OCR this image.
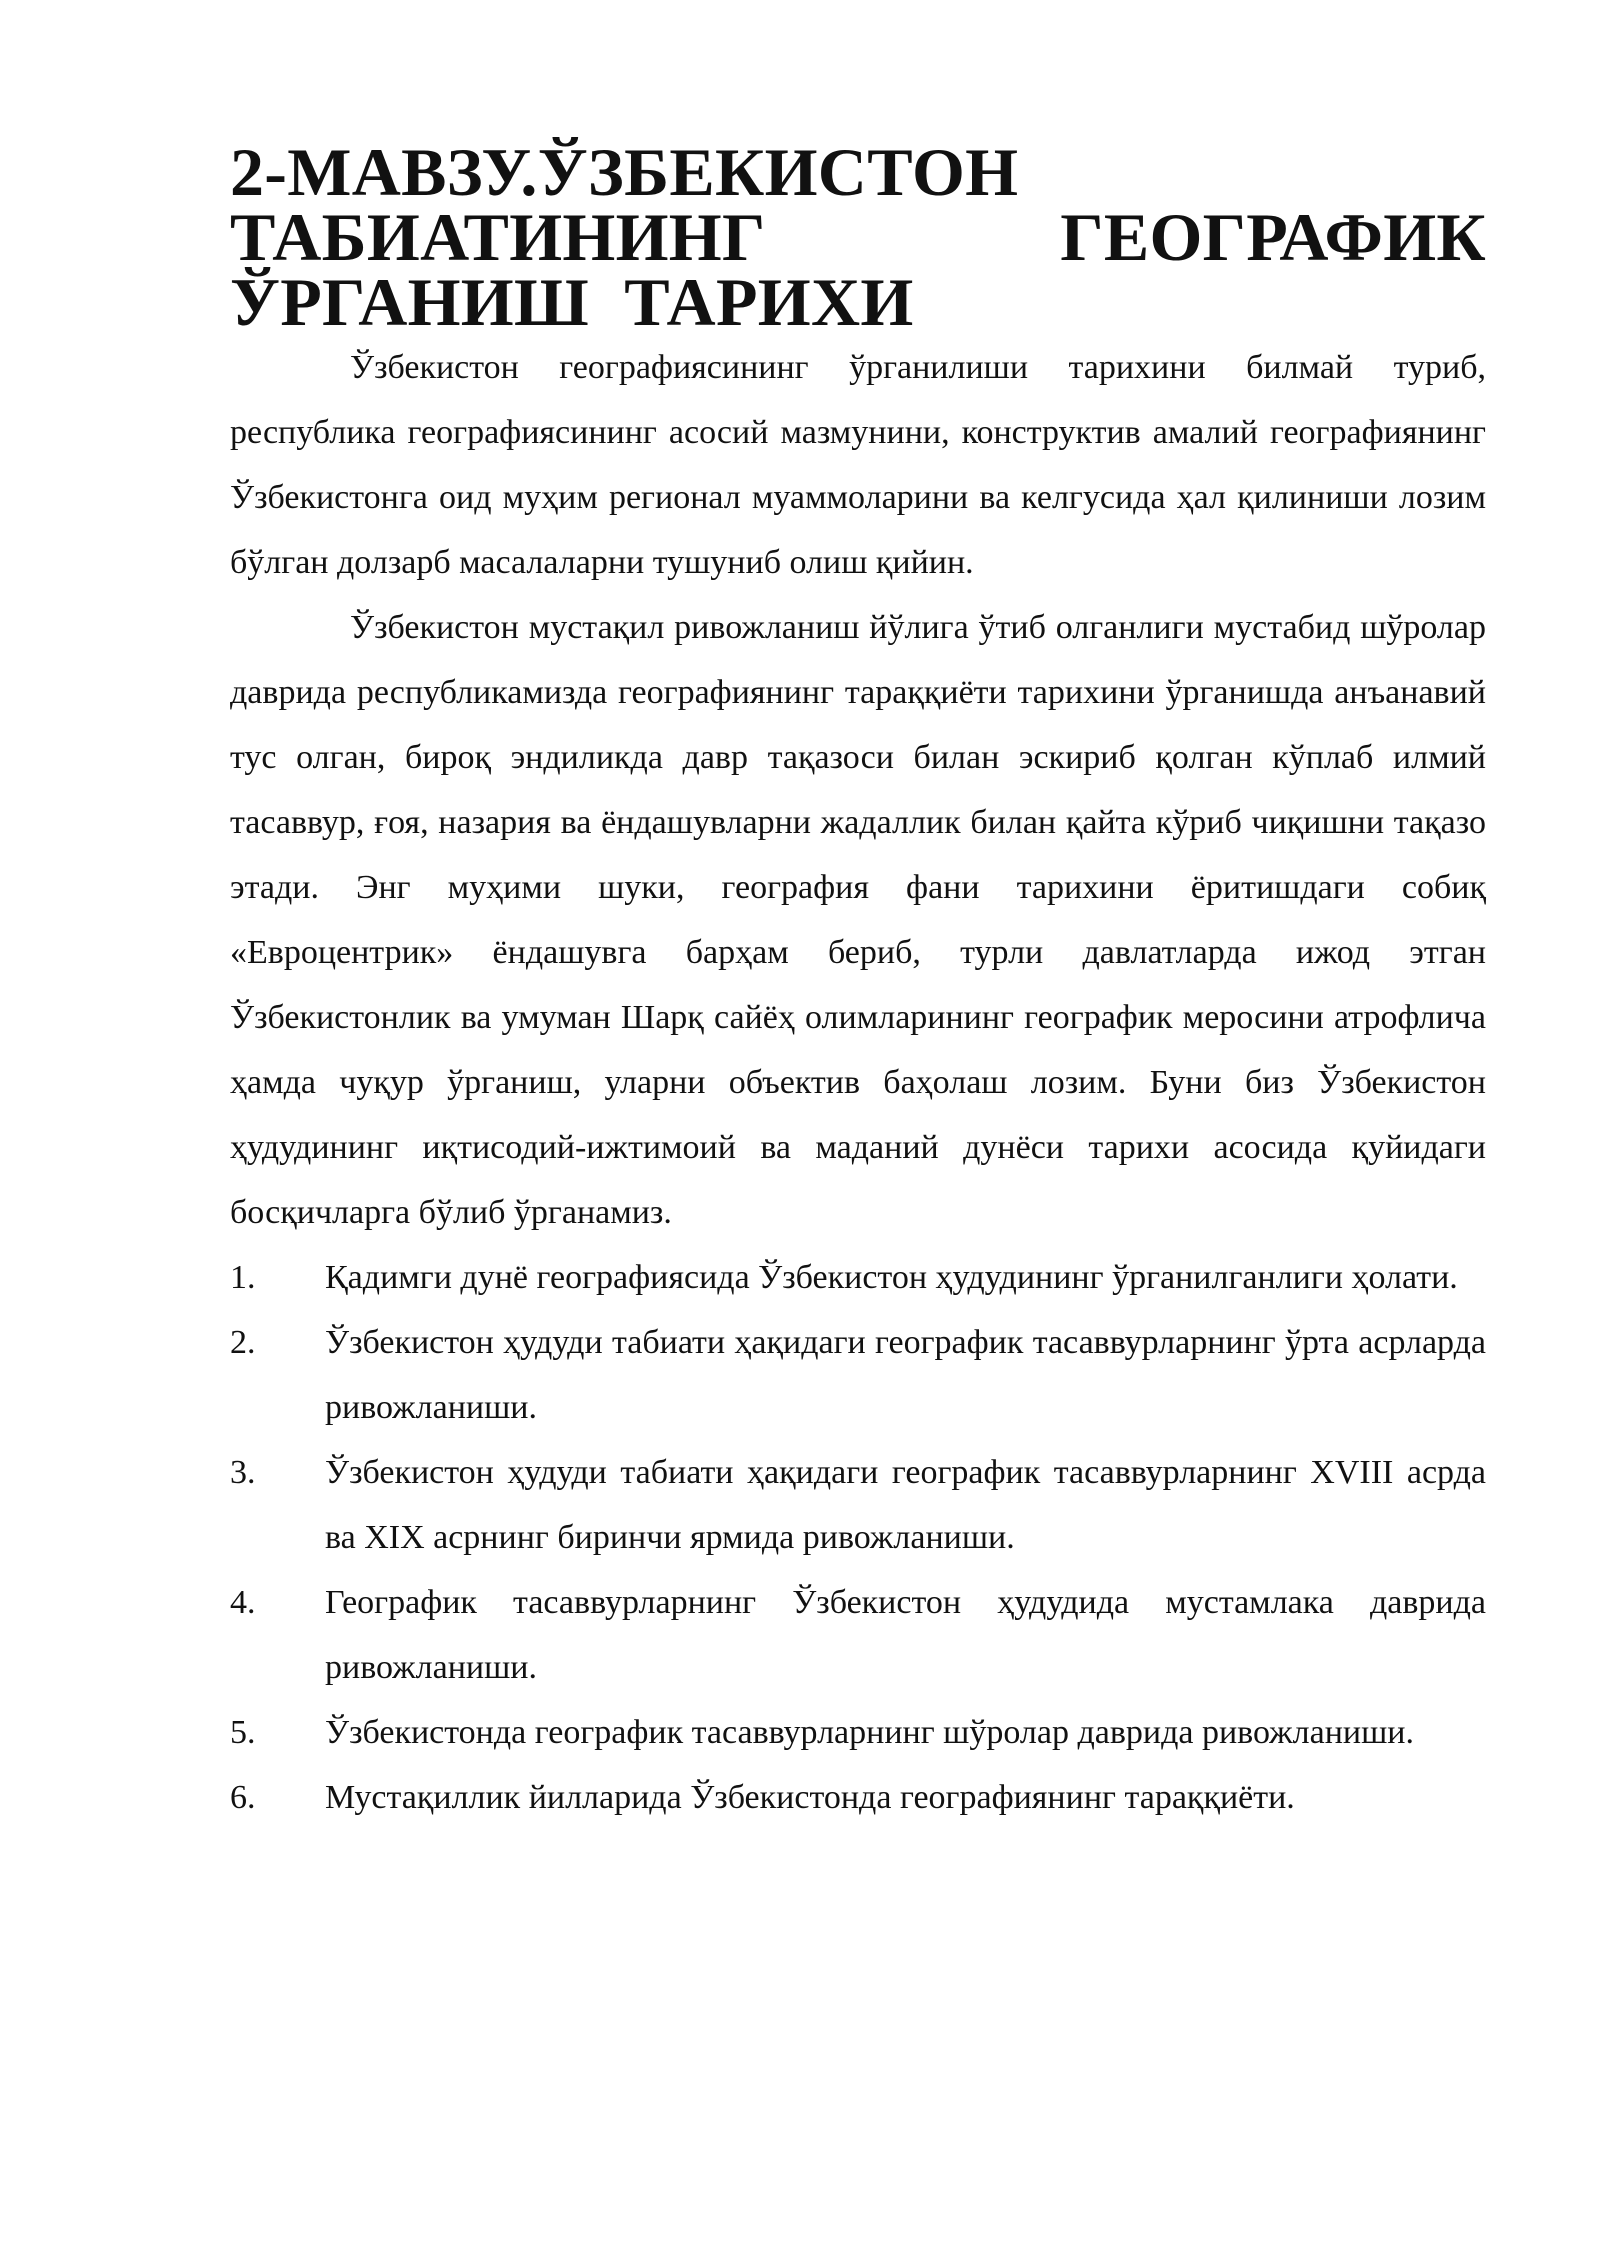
2-МАВЗУ.ЎЗБЕКИСТОН ТАБИАТИНИНГ ГЕОГРАФИК ЎРГАНИШ ТАРИХИ

Ўзбекистон географиясининг ўрганилиши тарихини билмай туриб, республика географиясининг асосий мазмунини, конструктив амалий географиянинг Ўзбекистонга оид муҳим регионал муаммоларини ва келгусида ҳал қилиниши лозим бўлган долзарб масалаларни тушуниб олиш қийин.

Ўзбекистон мустақил ривожланиш йўлига ўтиб олганлиги мустабид шўролар даврида республикамизда географиянинг тараққиёти тарихини ўрганишда анъанавий тус олган, бироқ эндиликда давр тақазоси билан эскириб қолган кўплаб илмий тасаввур, ғоя, назария ва ёндашувларни жадаллик билан қайта кўриб чиқишни тақазо этади. Энг муҳими шуки, география фани тарихини ёритишдаги собиқ «Евроцентрик» ёндашувга барҳам бериб, турли давлатларда ижод этган Ўзбекистонлик ва умуман Шарқ сайёҳ олимларининг географик меросини атрофлича ҳамда чуқур ўрганиш, уларни объектив баҳолаш лозим. Буни биз Ўзбекистон ҳудудининг иқтисодий-ижтимоий ва маданий дунёси тарихи асосида қуйидаги босқичларга бўлиб ўрганамиз.

1.	Қадимги дунё географиясида Ўзбекистон ҳудудининг ўрганилганлиги ҳолати.
2.	Ўзбекистон ҳудуди табиати ҳақидаги географик тасаввурларнинг ўрта асрларда ривожланиши.
3.	Ўзбекистон ҳудуди табиати ҳақидаги географик тасаввурларнинг XVIII асрда ва XIX асрнинг биринчи ярмида ривожланиши.
4.	Географик тасаввурларнинг Ўзбекистон ҳудудида мустамлака даврида ривожланиши.
5.	Ўзбекистонда географик тасаввурларнинг шўролар даврида ривожланиши.
6.	Мустақиллик йилларида Ўзбекистонда географиянинг тараққиёти.
